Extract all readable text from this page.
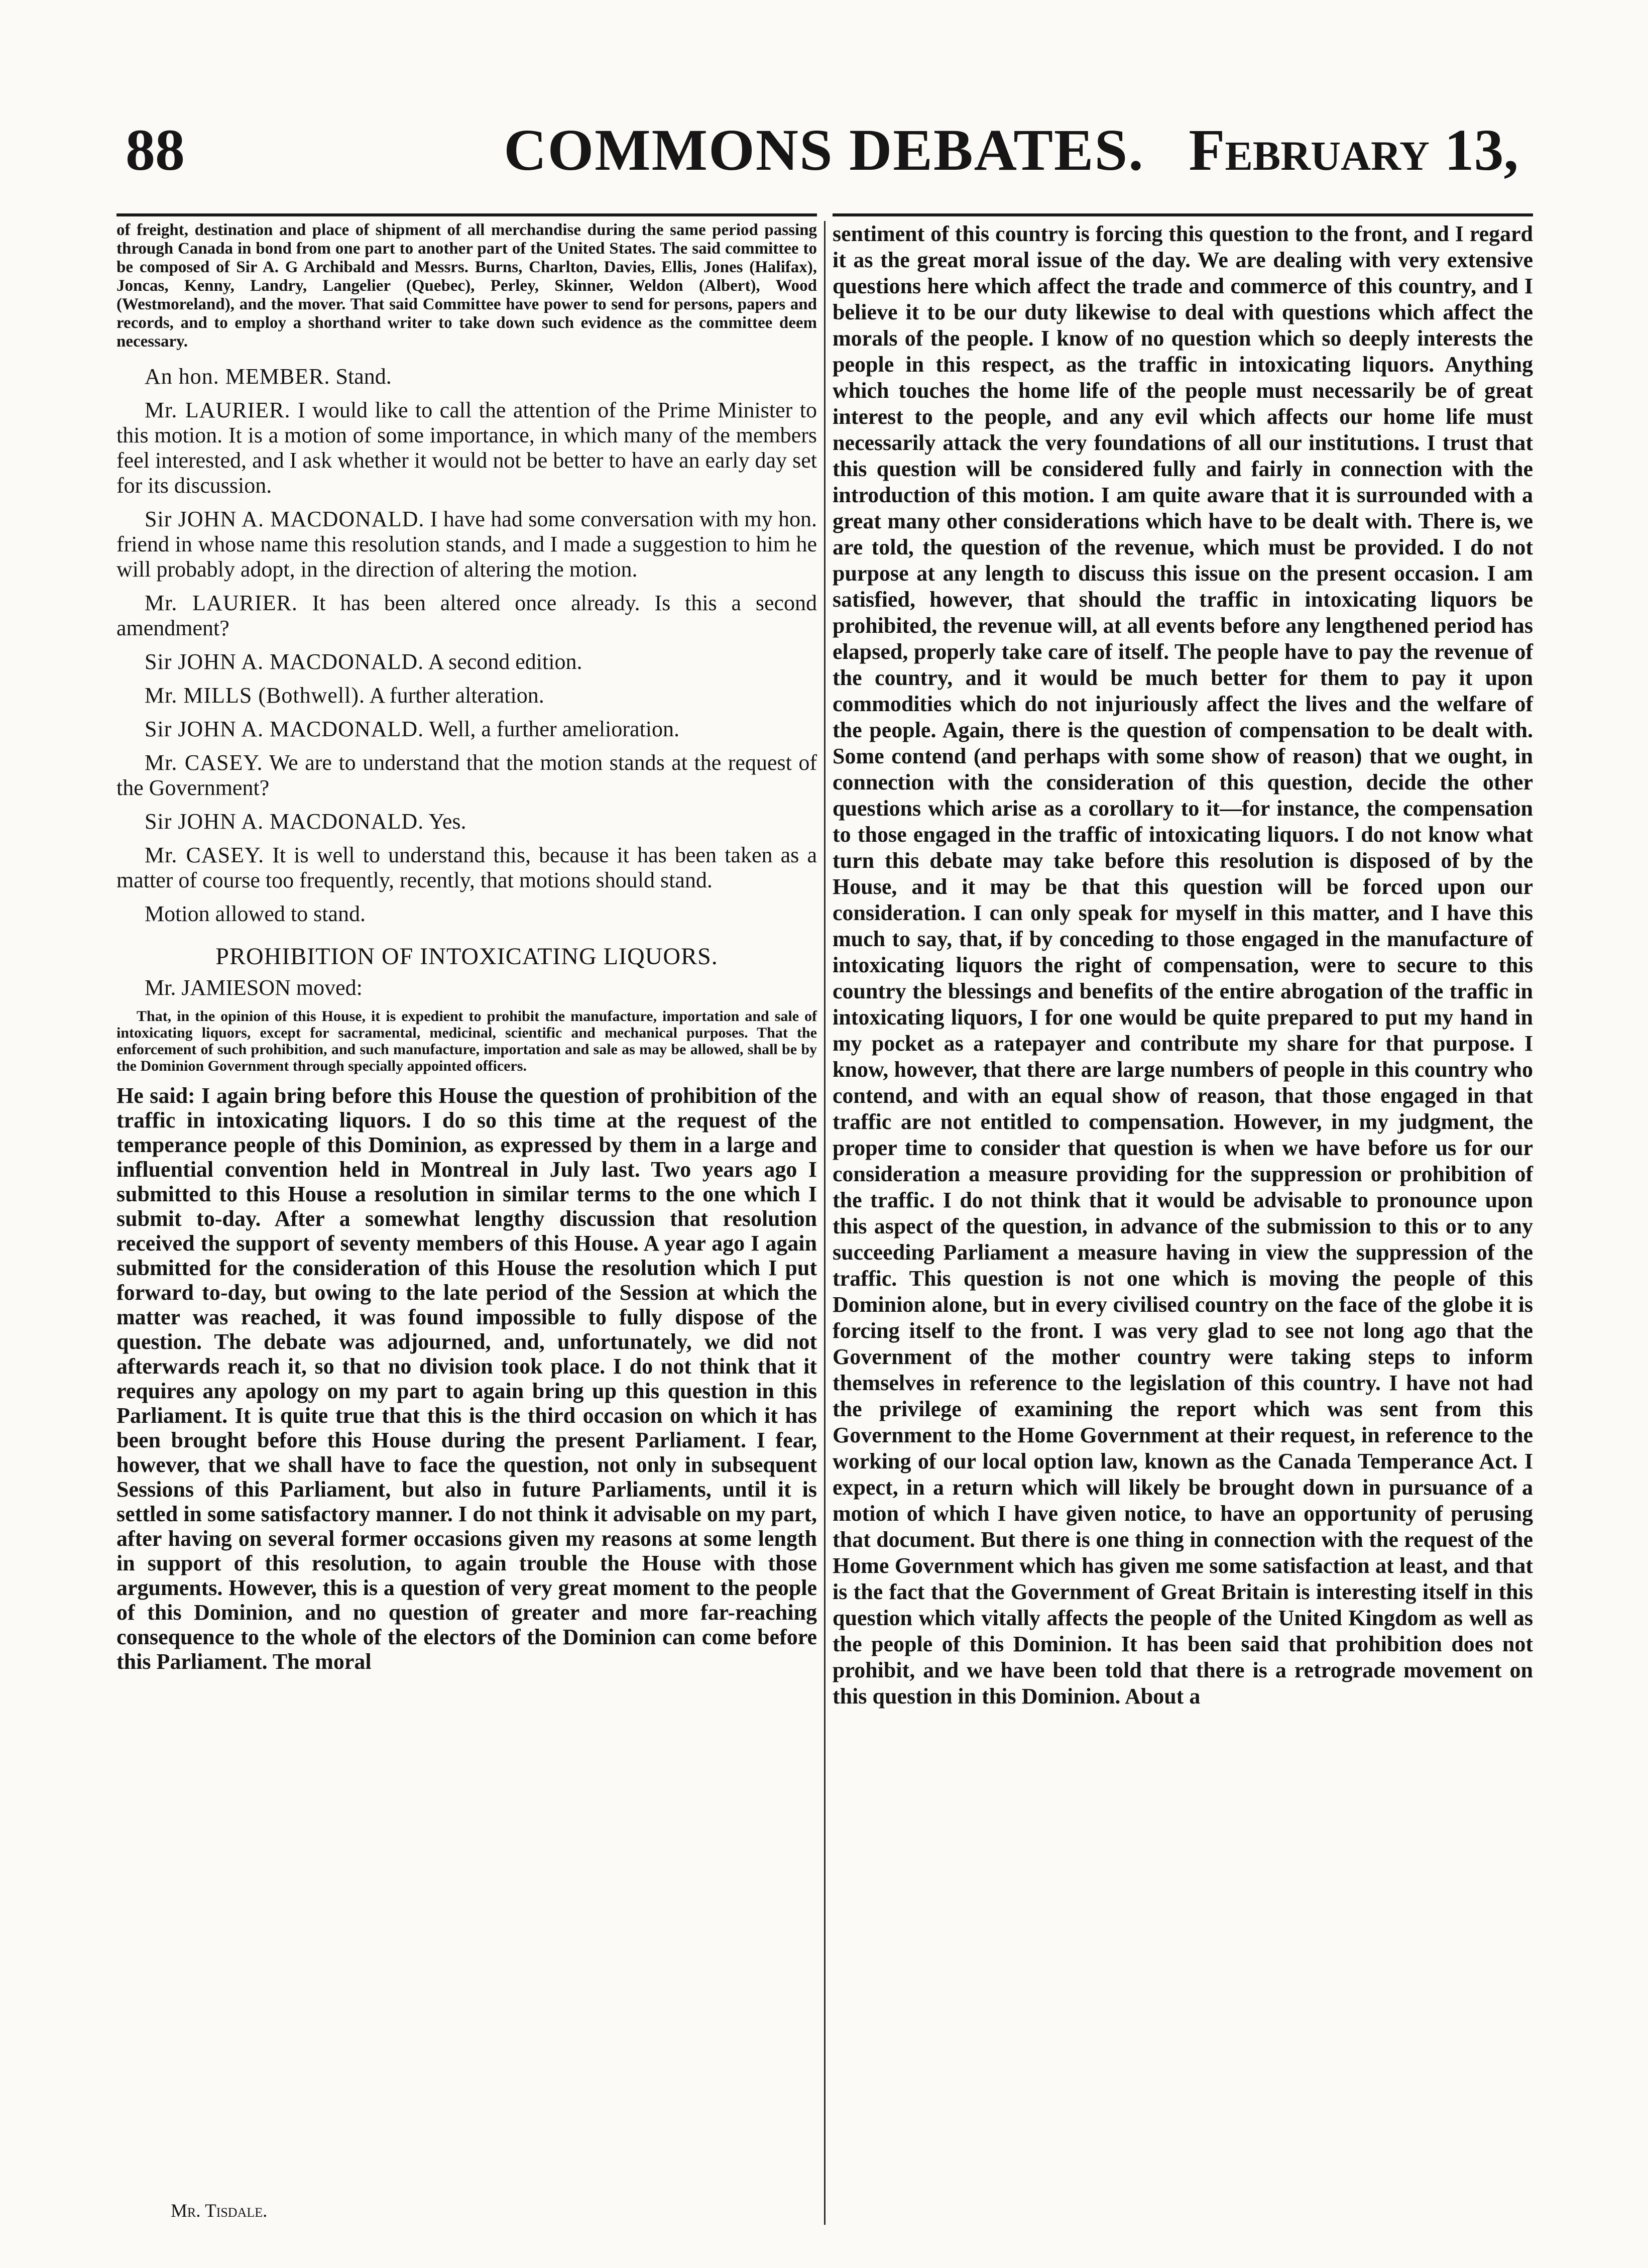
88	COMMONS DEBATES. February 13,

of freight, destination and place of shipment of all merchandise during the same period passing through Canada in bond from one part to another part of the United States. The said committee to be composed of Sir A. G Archibald and Messrs. Burns, Charlton, Davies, Ellis, Jones (Halifax), Joncas, Kenny, Landry, Langelier (Quebec), Perley, Skinner, Weldon (Albert), Wood (Westmoreland), and the mover. That said Committee have power to send for persons, papers and records, and to employ a shorthand writer to take down such evidence as the committee deem necessary.

An hon. MEMBER. Stand.

Mr. LAURIER. I would like to call the attention of the Prime Minister to this motion. It is a motion of some importance, in which many of the members feel interested, and I ask whether it would not be better to have an early day set for its discussion.

Sir JOHN A. MACDONALD. I have had some conversation with my hon. friend in whose name this resolution stands, and I made a suggestion to him he will probably adopt, in the direction of altering the motion.

Mr. LAURIER. It has been altered once already. Is this a second amendment?

Sir JOHN A. MACDONALD. A second edition.

Mr. MILLS (Bothwell). A further alteration.

Sir JOHN A. MACDONALD. Well, a further amelioration.

Mr. CASEY. We are to understand that the motion stands at the request of the Government?

Sir JOHN A. MACDONALD. Yes.

Mr. CASEY. It is well to understand this, because it has been taken as a matter of course too frequently, recently, that motions should stand.

Motion allowed to stand.

PROHIBITION OF INTOXICATING LIQUORS.

Mr. JAMIESON moved:

That, in the opinion of this House, it is expedient to prohibit the manufacture, importation and sale of intoxicating liquors, except for sacramental, medicinal, scientific and mechanical purposes. That the enforcement of such prohibition, and such manufacture, importation and sale as may be allowed, shall be by the Dominion Government through specially appointed officers.

He said: I again bring before this House the question of prohibition of the traffic in intoxicating liquors. I do so this time at the request of the temperance people of this Dominion, as expressed by them in a large and influential convention held in Montreal in July last. Two years ago I submitted to this House a resolution in similar terms to the one which I submit to-day. After a somewhat lengthy discussion that resolution received the support of seventy members of this House. A year ago I again submitted for the consideration of this House the resolution which I put forward to-day, but owing to the late period of the Session at which the matter was reached, it was found impossible to fully dispose of the question. The debate was adjourned, and, unfortunately, we did not afterwards reach it, so that no division took place. I do not think that it requires any apology on my part to again bring up this question in this Parliament. It is quite true that this is the third occasion on which it has been brought before this House during the present Parliament. I fear, however, that we shall have to face the question, not only in subsequent Sessions of this Parliament, but also in future Parliaments, until it is settled in some satisfactory manner. I do not think it advisable on my part, after having on several former occasions given my reasons at some length in support of this resolution, to again trouble the House with those arguments. However, this is a question of very great moment to the people of this Dominion, and no question of greater and more far-reaching consequence to the whole of the electors of the Dominion can come before this Parliament. The moral

sentiment of this country is forcing this question to the front, and I regard it as the great moral issue of the day. We are dealing with very extensive questions here which affect the trade and commerce of this country, and I believe it to be our duty likewise to deal with questions which affect the morals of the people. I know of no question which so deeply interests the people in this respect, as the traffic in intoxicating liquors. Anything which touches the home life of the people must necessarily be of great interest to the people, and any evil which affects our home life must necessarily attack the very foundations of all our institutions. I trust that this question will be considered fully and fairly in connection with the introduction of this motion. I am quite aware that it is surrounded with a great many other considerations which have to be dealt with. There is, we are told, the question of the revenue, which must be provided. I do not purpose at any length to discuss this issue on the present occasion. I am satisfied, however, that should the traffic in intoxicating liquors be prohibited, the revenue will, at all events before any lengthened period has elapsed, properly take care of itself. The people have to pay the revenue of the country, and it would be much better for them to pay it upon commodities which do not injuriously affect the lives and the welfare of the people. Again, there is the question of compensation to be dealt with. Some contend (and perhaps with some show of reason) that we ought, in connection with the consideration of this question, decide the other questions which arise as a corollary to it—for instance, the compensation to those engaged in the traffic of intoxicating liquors. I do not know what turn this debate may take before this resolution is disposed of by the House, and it may be that this question will be forced upon our consideration. I can only speak for myself in this matter, and I have this much to say, that, if by conceding to those engaged in the manufacture of intoxicating liquors the right of compensation, were to secure to this country the blessings and benefits of the entire abrogation of the traffic in intoxicating liquors, I for one would be quite prepared to put my hand in my pocket as a ratepayer and contribute my share for that purpose. I know, however, that there are large numbers of people in this country who contend, and with an equal show of reason, that those engaged in that traffic are not entitled to compensation. However, in my judgment, the proper time to consider that question is when we have before us for our consideration a measure providing for the suppression or prohibition of the traffic. I do not think that it would be advisable to pronounce upon this aspect of the question, in advance of the submission to this or to any succeeding Parliament a measure having in view the suppression of the traffic. This question is not one which is moving the people of this Dominion alone, but in every civilised country on the face of the globe it is forcing itself to the front. I was very glad to see not long ago that the Government of the mother country were taking steps to inform themselves in reference to the legislation of this country. I have not had the privilege of examining the report which was sent from this Government to the Home Government at their request, in reference to the working of our local option law, known as the Canada Temperance Act. I expect, in a return which will likely be brought down in pursuance of a motion of which I have given notice, to have an opportunity of perusing that document. But there is one thing in connection with the request of the Home Government which has given me some satisfaction at least, and that is the fact that the Government of Great Britain is interesting itself in this question which vitally affects the people of the United Kingdom as well as the people of this Dominion. It has been said that prohibition does not prohibit, and we have been told that there is a retrograde movement on this question in this Dominion. About a

Mr. Tisdale.
